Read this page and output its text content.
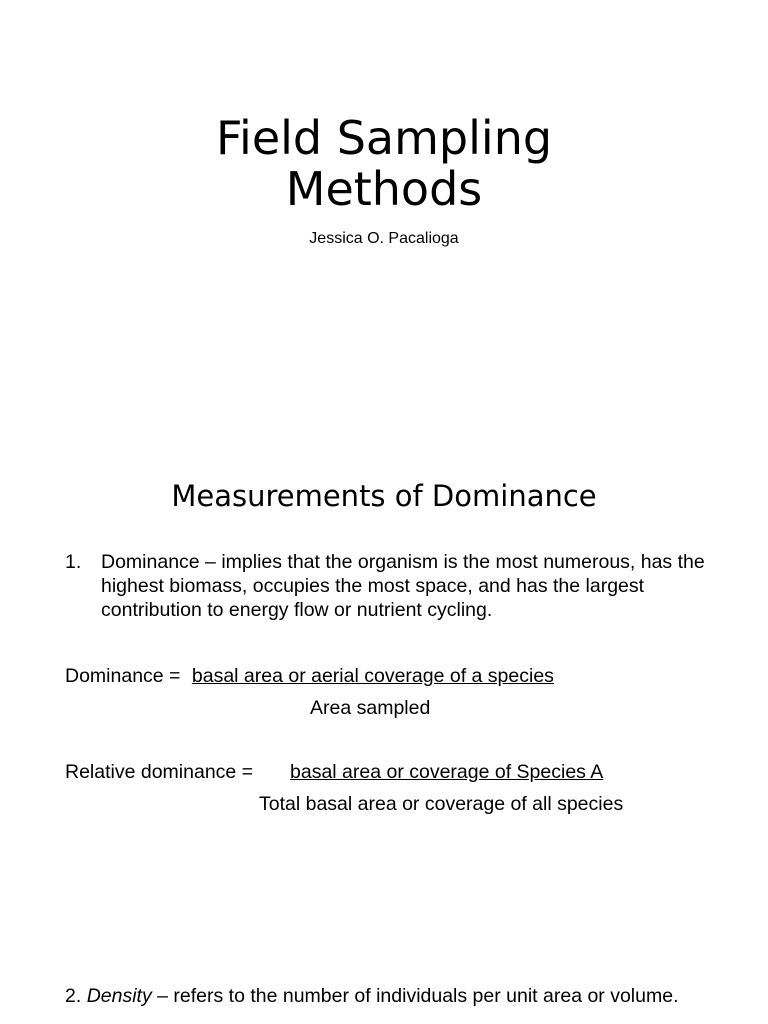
Field Sampling
Methods
Jessica O. Pacalioga
Measurements of Dominance
1. Dominance – implies that the organism is the most numerous, has the highest biomass, occupies the most space, and has the largest contribution to energy flow or nutrient cycling.
Dominance = basal area or aerial coverage of a species
Area sampled
Relative dominance = basal area or coverage of Species A
Total basal area or coverage of all species
2. Density – refers to the number of individuals per unit area or volume.
